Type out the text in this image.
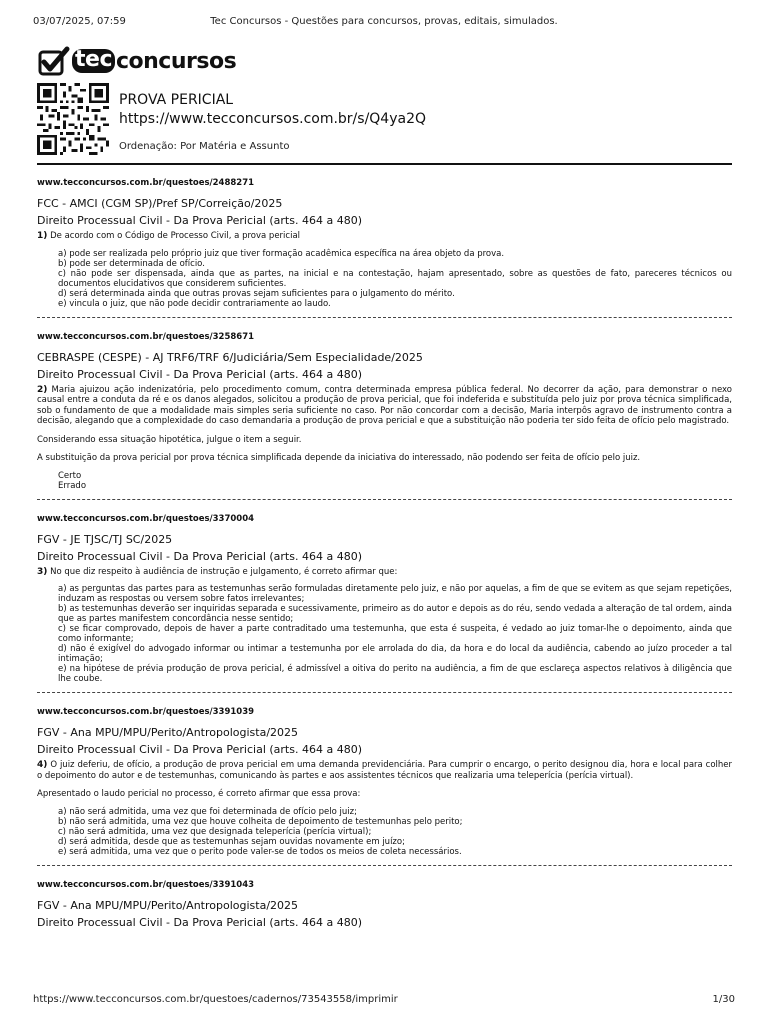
03/07/2025, 07:59	Tec Concursos - Questões para concursos, provas, editais, simulados.
tec concursos
PROVA PERICIAL
https://www.tecconcursos.com.br/s/Q4ya2Q
Ordenação: Por Matéria e Assunto
www.tecconcursos.com.br/questoes/2488271
FCC - AMCI (CGM SP)/Pref SP/Correição/2025
Direito Processual Civil - Da Prova Pericial (arts. 464 a 480)
1) De acordo com o Código de Processo Civil, a prova pericial
a) pode ser realizada pelo próprio juiz que tiver formação acadêmica específica na área objeto da prova.
b) pode ser determinada de ofício.
c) não pode ser dispensada, ainda que as partes, na inicial e na contestação, hajam apresentado, sobre as questões de fato, pareceres técnicos ou documentos elucidativos que considerem suficientes.
d) será determinada ainda que outras provas sejam suficientes para o julgamento do mérito.
e) vincula o juiz, que não pode decidir contrariamente ao laudo.
www.tecconcursos.com.br/questoes/3258671
CEBRASPE (CESPE) - AJ TRF6/TRF 6/Judiciária/Sem Especialidade/2025
Direito Processual Civil - Da Prova Pericial (arts. 464 a 480)
2) Maria ajuizou ação indenizatória, pelo procedimento comum, contra determinada empresa pública federal. No decorrer da ação, para demonstrar o nexo causal entre a conduta da ré e os danos alegados, solicitou a produção de prova pericial, que foi indeferida e substituída pelo juiz por prova técnica simplificada, sob o fundamento de que a modalidade mais simples seria suficiente no caso. Por não concordar com a decisão, Maria interpôs agravo de instrumento contra a decisão, alegando que a complexidade do caso demandaria a produção de prova pericial e que a substituição não poderia ter sido feita de ofício pelo magistrado.
Considerando essa situação hipotética, julgue o item a seguir.
A substituição da prova pericial por prova técnica simplificada depende da iniciativa do interessado, não podendo ser feita de ofício pelo juiz.
Certo
Errado
www.tecconcursos.com.br/questoes/3370004
FGV - JE TJSC/TJ SC/2025
Direito Processual Civil - Da Prova Pericial (arts. 464 a 480)
3) No que diz respeito à audiência de instrução e julgamento, é correto afirmar que:
a) as perguntas das partes para as testemunhas serão formuladas diretamente pelo juiz, e não por aquelas, a fim de que se evitem as que sejam repetições, induzam as respostas ou versem sobre fatos irrelevantes;
b) as testemunhas deverão ser inquiridas separada e sucessivamente, primeiro as do autor e depois as do réu, sendo vedada a alteração de tal ordem, ainda que as partes manifestem concordância nesse sentido;
c) se ficar comprovado, depois de haver a parte contraditado uma testemunha, que esta é suspeita, é vedado ao juiz tomar-lhe o depoimento, ainda que como informante;
d) não é exigível do advogado informar ou intimar a testemunha por ele arrolada do dia, da hora e do local da audiência, cabendo ao juízo proceder a tal intimação;
e) na hipótese de prévia produção de prova pericial, é admissível a oitiva do perito na audiência, a fim de que esclareça aspectos relativos à diligência que lhe coube.
www.tecconcursos.com.br/questoes/3391039
FGV - Ana MPU/MPU/Perito/Antropologista/2025
Direito Processual Civil - Da Prova Pericial (arts. 464 a 480)
4) O juiz deferiu, de ofício, a produção de prova pericial em uma demanda previdenciária. Para cumprir o encargo, o perito designou dia, hora e local para colher o depoimento do autor e de testemunhas, comunicando às partes e aos assistentes técnicos que realizaria uma teleperícia (perícia virtual).
Apresentado o laudo pericial no processo, é correto afirmar que essa prova:
a) não será admitida, uma vez que foi determinada de ofício pelo juiz;
b) não será admitida, uma vez que houve colheita de depoimento de testemunhas pelo perito;
c) não será admitida, uma vez que designada teleperícia (perícia virtual);
d) será admitida, desde que as testemunhas sejam ouvidas novamente em juízo;
e) será admitida, uma vez que o perito pode valer-se de todos os meios de coleta necessários.
www.tecconcursos.com.br/questoes/3391043
FGV - Ana MPU/MPU/Perito/Antropologista/2025
Direito Processual Civil - Da Prova Pericial (arts. 464 a 480)
https://www.tecconcursos.com.br/questoes/cadernos/73543558/imprimir	1/30
